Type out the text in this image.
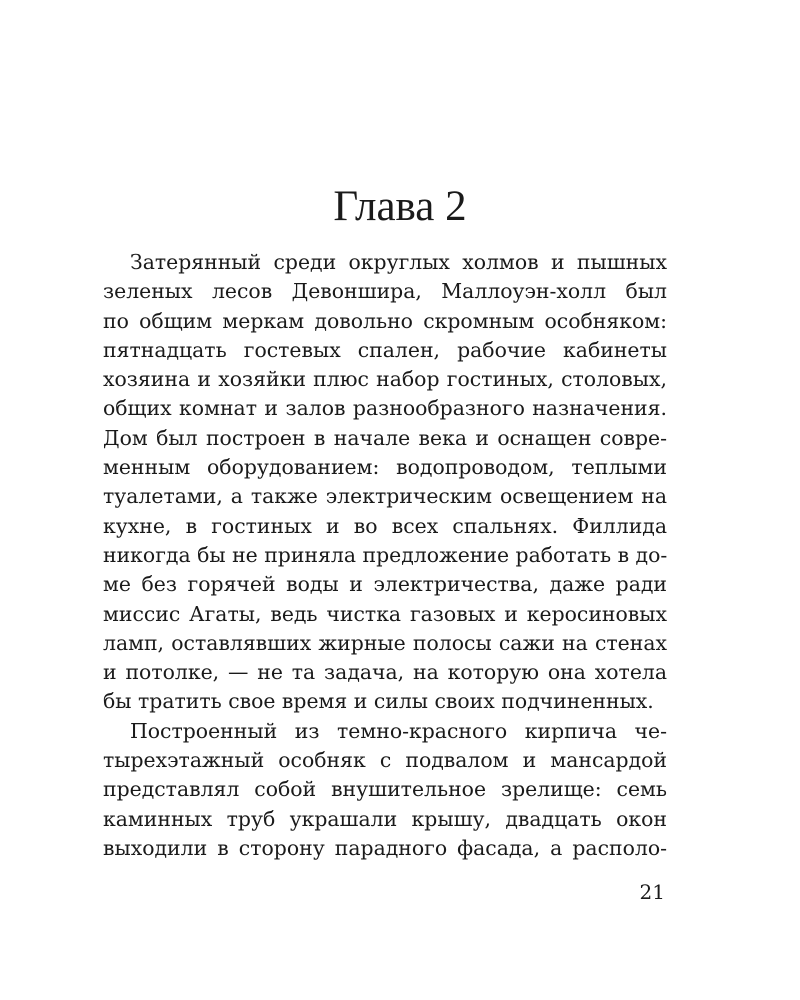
Глава 2

Затерянный среди округлых холмов и пышных
зеленых лесов Девоншира, Маллоуэн-холл был
по общим меркам довольно скромным особняком:
пятнадцать гостевых спален, рабочие кабинеты
хозяина и хозяйки плюс набор гостиных, столовых,
общих комнат и залов разнообразного назначения.
Дом был построен в начале века и оснащен совре-
менным оборудованием: водопроводом, теплыми
туалетами, а также электрическим освещением на
кухне, в гостиных и во всех спальнях. Филлида
никогда бы не приняла предложение работать в до-
ме без горячей воды и электричества, даже ради
миссис Агаты, ведь чистка газовых и керосиновых
ламп, оставлявших жирные полосы сажи на стенах
и потолке, — не та задача, на которую она хотела
бы тратить свое время и силы своих подчиненных.

Построенный из темно-красного кирпича че-
тырехэтажный особняк с подвалом и мансардой
представлял собой внушительное зрелище: семь
каминных труб украшали крышу, двадцать окон
выходили в сторону парадного фасада, а располо-

21
